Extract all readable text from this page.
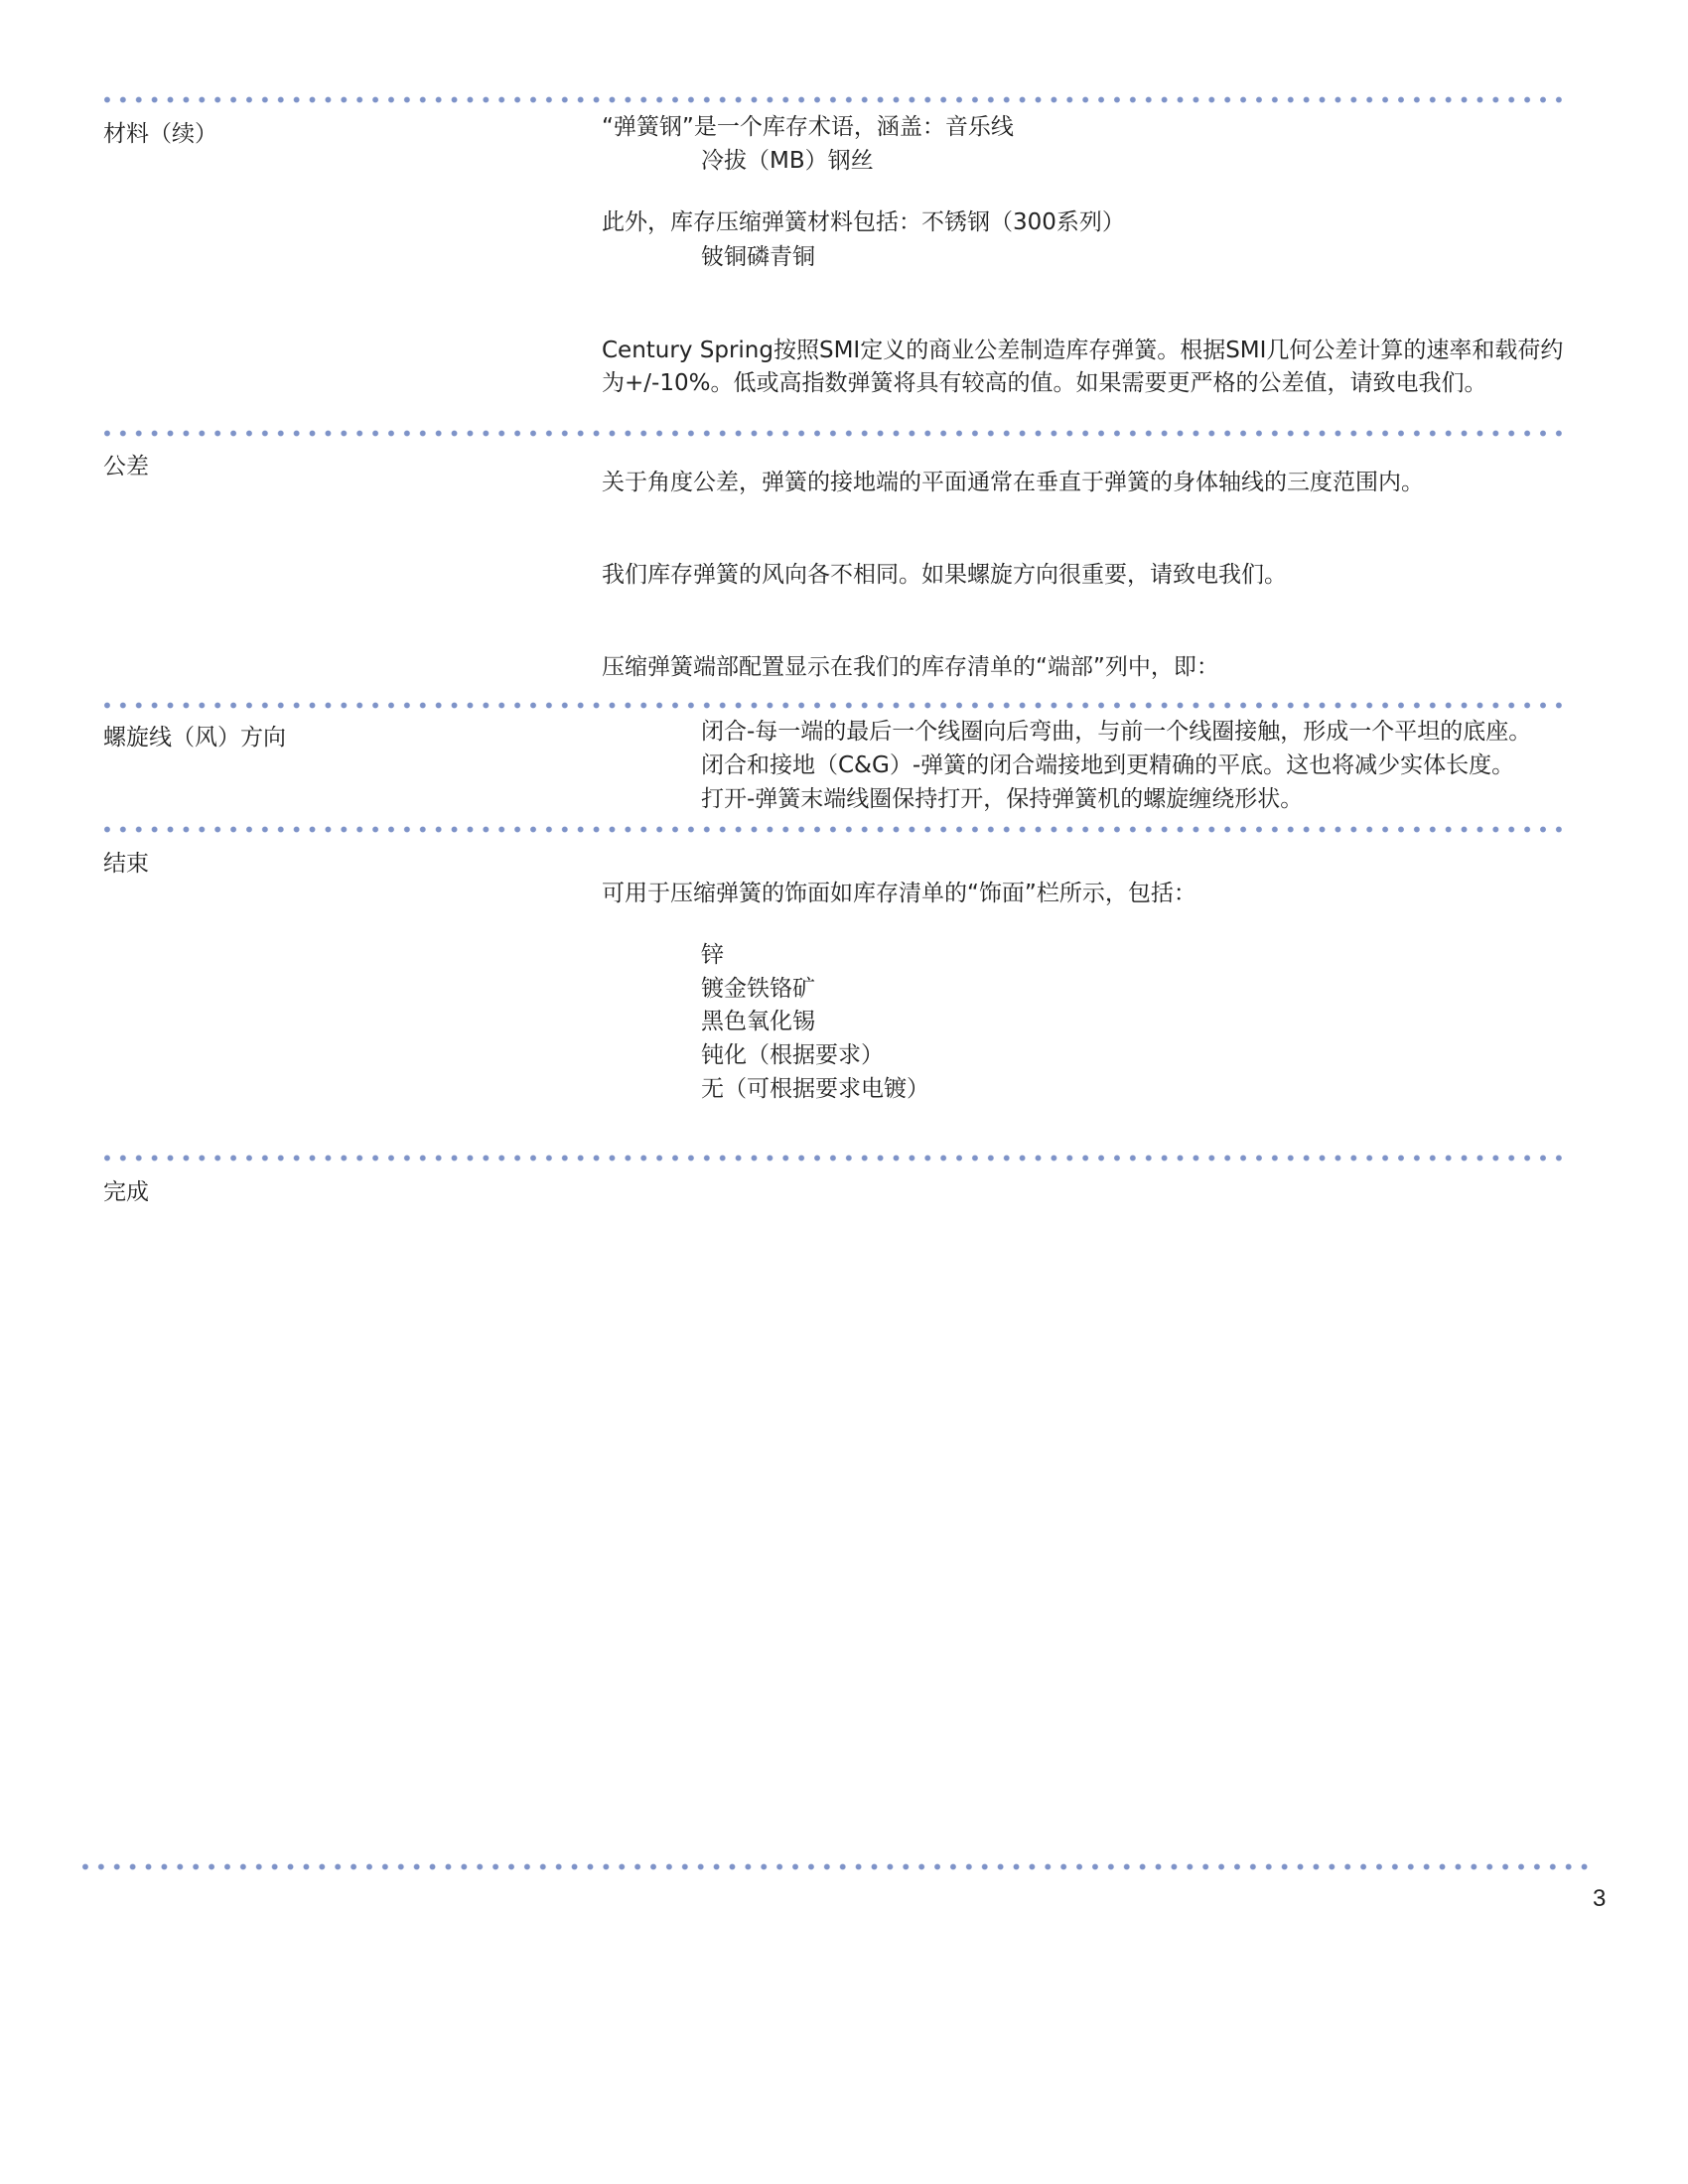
材料（续）	“弹簧钢”是一个库存术语，涵盖：音乐线
冷拔（MB）钢丝
此外，库存压缩弹簧材料包括：不锈钢（300系列）
铍铜磷青铜
Century Spring按照SMI定义的商业公差制造库存弹簧。根据SMI几何公差计算的速率和载荷约为+/-10%。低或高指数弹簧将具有较高的值。如果需要更严格的公差值，请致电我们。
公差
关于角度公差，弹簧的接地端的平面通常在垂直于弹簧的身体轴线的三度范围内。
我们库存弹簧的风向各不相同。如果螺旋方向很重要，请致电我们。
压缩弹簧端部配置显示在我们的库存清单的“端部”列中，即：
螺旋线（风）方向	闭合-每一端的最后一个线圈向后弯曲，与前一个线圈接触，形成一个平坦的底座。
闭合和接地（C&G）-弹簧的闭合端接地到更精确的平底。这也将减少实体长度。
打开-弹簧末端线圈保持打开，保持弹簧机的螺旋缠绕形状。
结束
可用于压缩弹簧的饰面如库存清单的“饰面”栏所示，包括：
锌
镀金铁铬矿
黑色氧化锡
钝化（根据要求）
无（可根据要求电镀）
完成
3
